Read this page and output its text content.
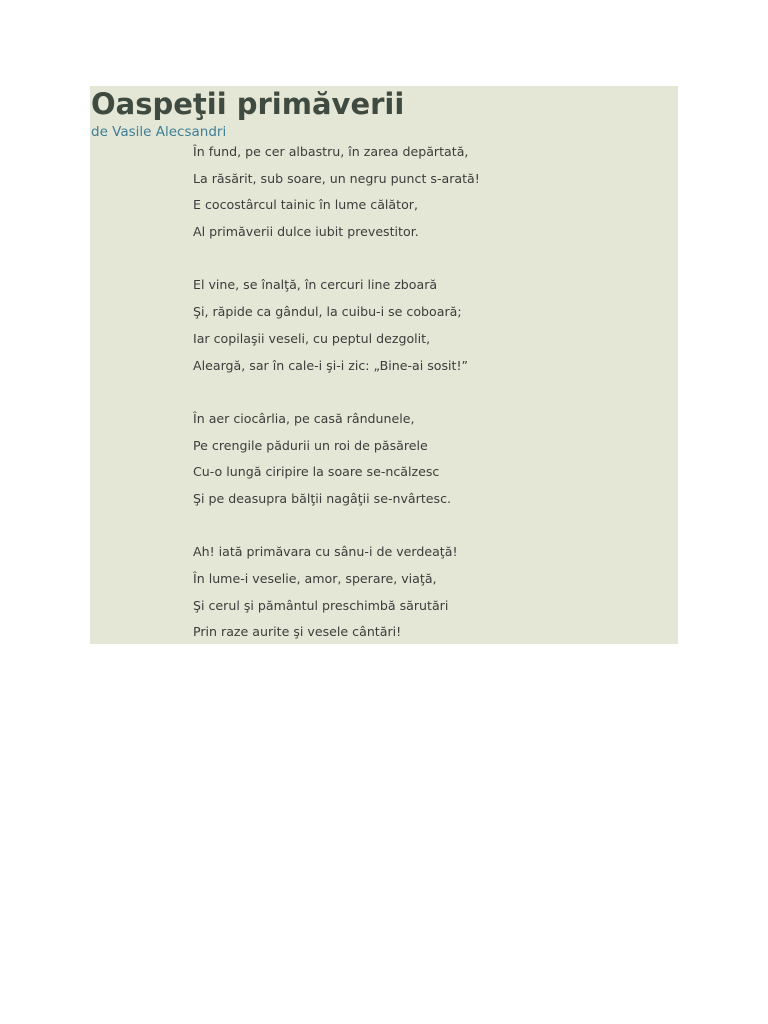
Oaspeţii primăverii
de Vasile Alecsandri
În fund, pe cer albastru, în zarea depărtată,
La răsărit, sub soare, un negru punct s-arată!
E cocostârcul tainic în lume călător,
Al primăverii dulce iubit prevestitor.
El vine, se înalţă, în cercuri line zboară
Şi, răpide ca gândul, la cuibu-i se coboară;
Iar copilaşii veseli, cu peptul dezgolit,
Aleargă, sar în cale-i şi-i zic: „Bine-ai sosit!”
În aer ciocârlia, pe casă rândunele,
Pe crengile pădurii un roi de păsărele
Cu-o lungă ciripire la soare se-ncălzesc
Şi pe deasupra bălţii nagâţii se-nvârtesc.
Ah! iată primăvara cu sânu-i de verdeaţă!
În lume-i veselie, amor, sperare, viaţă,
Şi cerul şi pământul preschimbă sărutări
Prin raze aurite şi vesele cântări!
